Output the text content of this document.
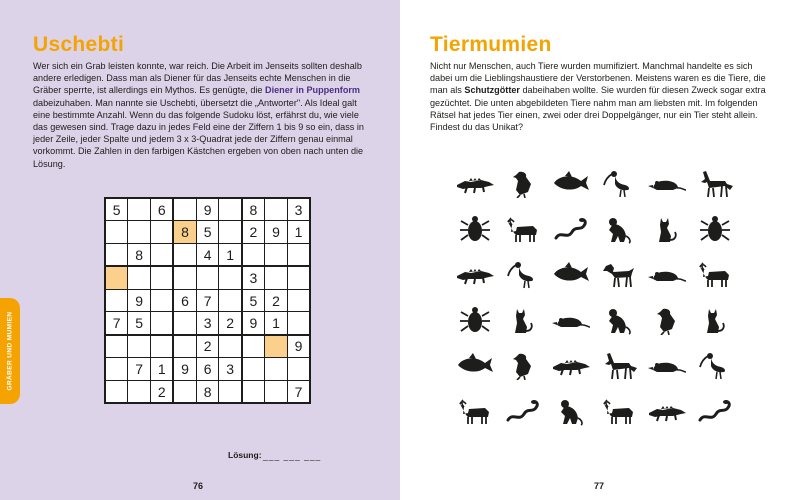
GRÄBER UND MUMIEN
Uschebti

Wer sich ein Grab leisten konnte, war reich. Die Arbeit im Jenseits sollten deshalb andere erledigen. Dass man als Diener für das Jenseits echte Menschen in die Gräber sperrte, ist allerdings ein Mythos. Es genügte, die Diener in Puppenform dabeizuhaben. Man nannte sie Uschebti, übersetzt die „Antworter". Als Ideal galt eine bestimmte Anzahl. Wenn du das folgende Sudoku löst, erfährst du, wie viele das gewesen sind. Trage dazu in jedes Feld eine der Ziffern 1 bis 9 so ein, dass in jeder Zeile, jeder Spalte und jedem 3 x 3-Quadrat jede der Ziffern genau einmal vorkommt. Die Zahlen in den farbigen Kästchen ergeben von oben nach unten die Lösung.

5		6		9		8		3
			8	5		2	9	1
	8			4	1			
						3		
	9		6	7		5	2	
7	5			3	2	9	1	
				2				9
	7	1	9	6	3			
		2		8				7
Lösung: ___ ___ ___
76
Tiermumien

Nicht nur Menschen, auch Tiere wurden mumifiziert. Manchmal handelte es sich dabei um die Lieblingshaustiere der Verstorbenen. Meistens waren es die Tiere, die man als Schutzgötter dabeihaben wollte. Sie wurden für diesen Zweck sogar extra gezüchtet. Die unten abgebildeten Tiere nahm man am liebsten mit. Im folgenden Rätsel hat jedes Tier einen, zwei oder drei Doppelgänger, nur ein Tier steht allein. Findest du das Unikat?

77
